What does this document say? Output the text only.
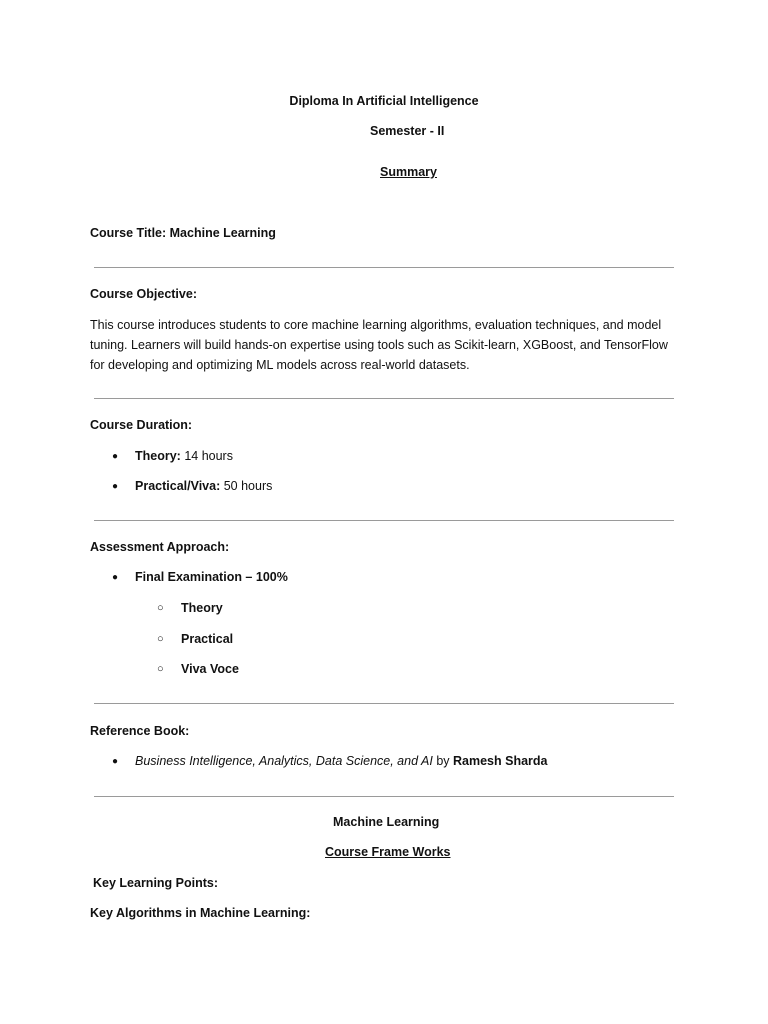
Diploma In Artificial Intelligence
Semester - II
Summary
Course Title: Machine Learning
Course Objective:
This course introduces students to core machine learning algorithms, evaluation techniques, and model tuning. Learners will build hands-on expertise using tools such as Scikit-learn, XGBoost, and TensorFlow for developing and optimizing ML models across real-world datasets.
Course Duration:
● Theory: 14 hours
● Practical/Viva: 50 hours
Assessment Approach:
● Final Examination – 100%
○ Theory
○ Practical
○ Viva Voce
Reference Book:
● Business Intelligence, Analytics, Data Science, and AI by Ramesh Sharda
Machine Learning
Course Frame Works
Key Learning Points:
Key Algorithms in Machine Learning:
